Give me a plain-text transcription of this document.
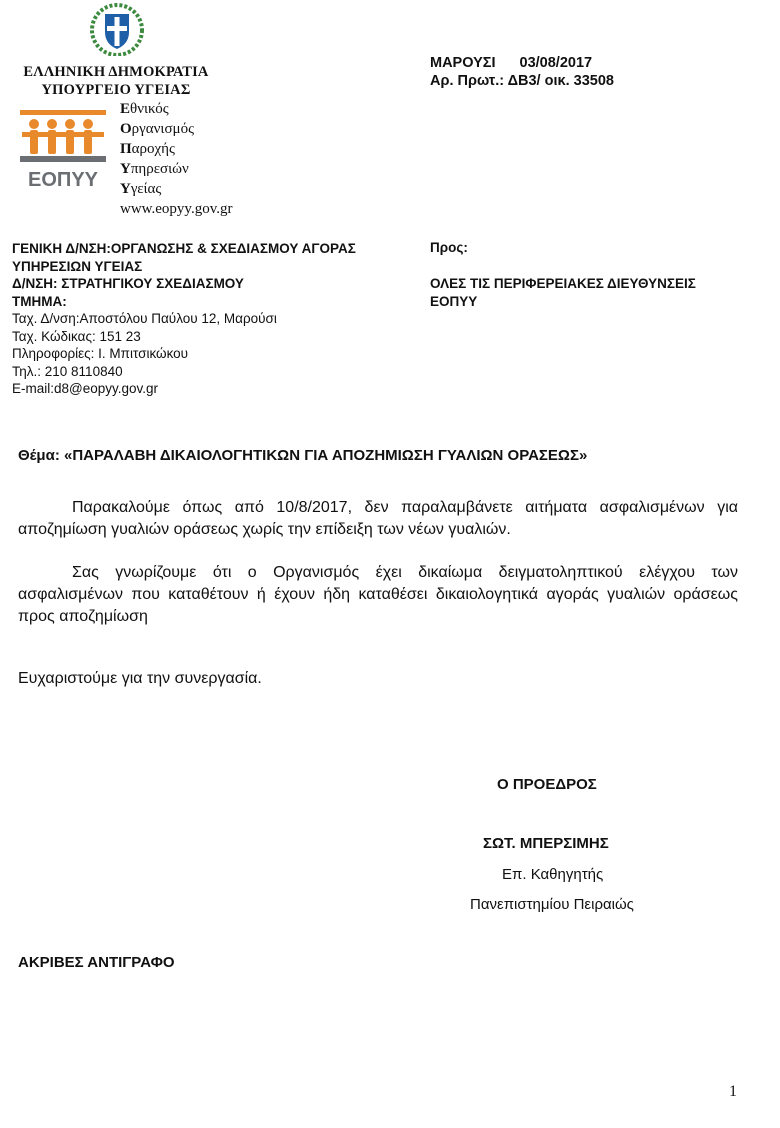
ΕΛΛΗΝΙΚΗ ΔΗΜΟΚΡΑΤΙΑ
ΥΠΟΥΡΓΕΙΟ ΥΓΕΙΑΣ
ΕΟΠΥΥ
Εθνικός
Οργανισμός
Παροχής
Υπηρεσιών
Υγείας
www.eopyy.gov.gr
ΜΑΡΟΥΣΙ 03/08/2017
Αρ. Πρωτ.: ΔΒ3/ οικ. 33508
ΓΕΝΙΚΗ Δ/ΝΣΗ:ΟΡΓΑΝΩΣΗΣ & ΣΧΕΔΙΑΣΜΟΥ ΑΓΟΡΑΣ
ΥΠΗΡΕΣΙΩΝ ΥΓΕΙΑΣ
Δ/ΝΣΗ: ΣΤΡΑΤΗΓΙΚΟΥ ΣΧΕΔΙΑΣΜΟΥ
ΤΜΗΜΑ:
Ταχ. Δ/νση:Αποστόλου Παύλου 12, Μαρούσι
Ταχ. Κώδικας: 151 23
Πληροφορίες: Ι. Μπιτσικώκου
Τηλ.: 210 8110840
E-mail:d8@eopyy.gov.gr
Προς:
ΟΛΕΣ ΤΙΣ ΠΕΡΙΦΕΡΕΙΑΚΕΣ ΔΙΕΥΘΥΝΣΕΙΣ ΕΟΠΥΥ
Θέμα: «ΠΑΡΑΛΑΒΗ ΔΙΚΑΙΟΛΟΓΗΤΙΚΩΝ ΓΙΑ ΑΠΟΖΗΜΙΩΣΗ ΓΥΑΛΙΩΝ ΟΡΑΣΕΩΣ»
Παρακαλούμε όπως από 10/8/2017, δεν παραλαμβάνετε αιτήματα ασφαλισμένων για αποζημίωση γυαλιών οράσεως χωρίς την επίδειξη των νέων γυαλιών.
Σας γνωρίζουμε ότι ο Οργανισμός έχει δικαίωμα δειγματοληπτικού ελέγχου των ασφαλισμένων που καταθέτουν ή έχουν ήδη καταθέσει δικαιολογητικά αγοράς γυαλιών οράσεως προς αποζημίωση
Ευχαριστούμε για την συνεργασία.
Ο ΠΡΟΕΔΡΟΣ
ΣΩΤ. ΜΠΕΡΣΙΜΗΣ
Επ. Καθηγητής
Πανεπιστημίου Πειραιώς
ΑΚΡΙΒΕΣ ΑΝΤΙΓΡΑΦΟ
1
